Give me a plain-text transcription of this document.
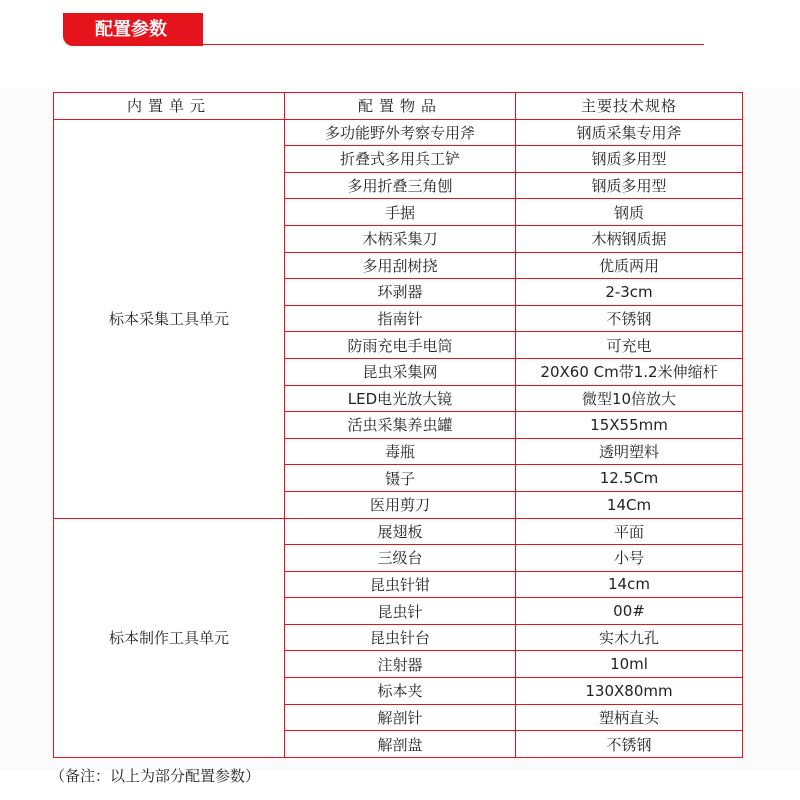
配置参数
内置单元	配置物品	主要技术规格
标本采集工具单元	多功能野外考察专用斧	钢质采集专用斧
	折叠式多用兵工铲	钢质多用型
	多用折叠三角刨	钢质多用型
	手据	钢质
	木柄采集刀	木柄钢质据
	多用刮树挠	优质两用
	环剥器	2-3cm
	指南针	不锈钢
	防雨充电手电筒	可充电
	昆虫采集网	20X60 Cm带1.2米伸缩杆
	LED电光放大镜	微型10倍放大
	活虫采集养虫罐	15X55mm
	毒瓶	透明塑料
	镊子	12.5Cm
	医用剪刀	14Cm
标本制作工具单元	展翅板	平面
	三级台	小号
	昆虫针钳	14cm
	昆虫针	00#
	昆虫针台	实木九孔
	注射器	10ml
	标本夹	130X80mm
	解剖针	塑柄直头
	解剖盘	不锈钢
（备注：以上为部分配置参数）
